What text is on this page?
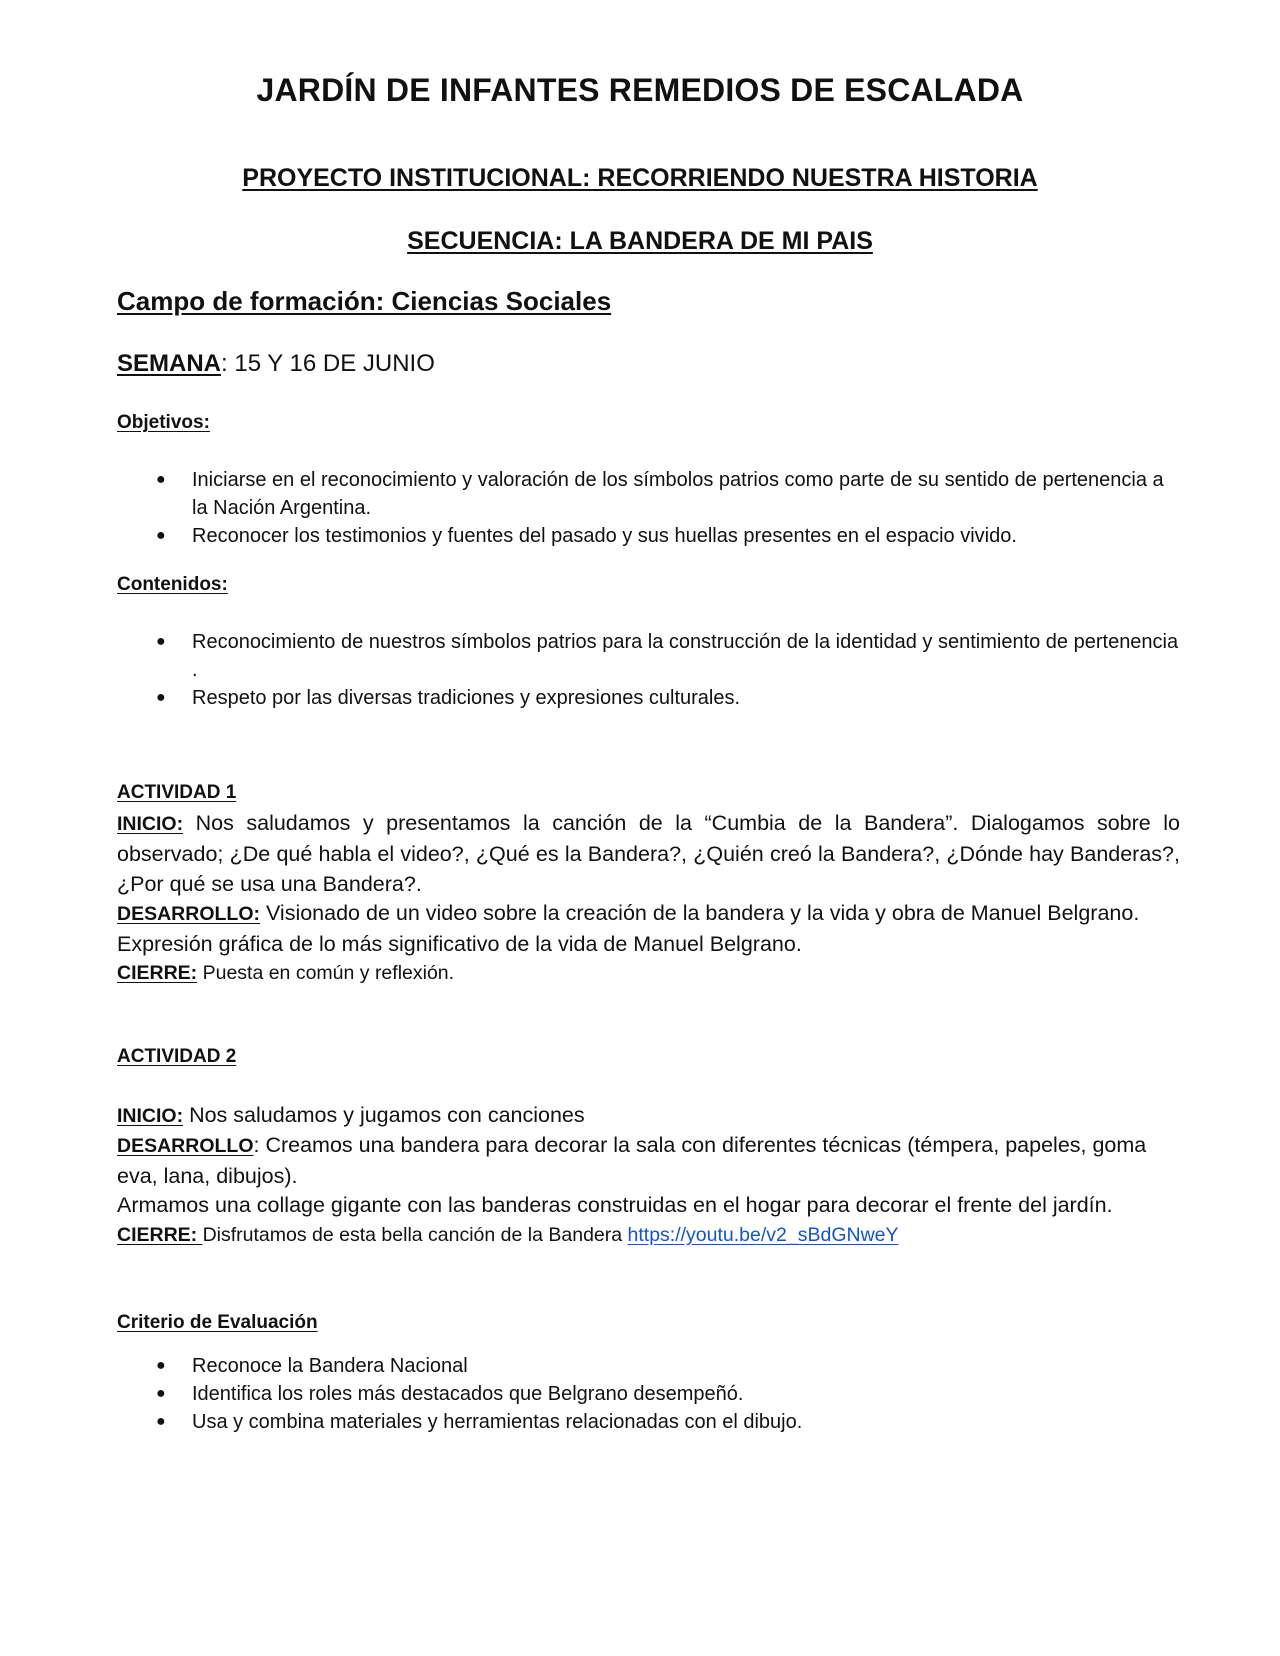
JARDÍN DE INFANTES REMEDIOS DE ESCALADA
PROYECTO INSTITUCIONAL: RECORRIENDO NUESTRA HISTORIA
SECUENCIA: LA BANDERA DE MI PAIS
Campo de formación: Ciencias Sociales
SEMANA: 15 Y 16 DE JUNIO
Objetivos:
● Iniciarse en el reconocimiento y valoración de los símbolos patrios como parte de su sentido de pertenencia a la Nación Argentina.
● Reconocer los testimonios y fuentes del pasado y sus huellas presentes en el espacio vivido.
Contenidos:
● Reconocimiento de nuestros símbolos patrios para la construcción de la identidad y sentimiento de pertenencia .
● Respeto por las diversas tradiciones y expresiones culturales.
ACTIVIDAD 1

INICIO: Nos saludamos y presentamos la canción de la “Cumbia de la Bandera”. Dialogamos sobre lo observado; ¿De qué habla el video?, ¿Qué es la Bandera?, ¿Quién creó la Bandera?, ¿Dónde hay Banderas?, ¿Por qué se usa una Bandera?.

DESARROLLO: Visionado de un video sobre la creación de la bandera y la vida y obra de Manuel Belgrano. Expresión gráfica de lo más significativo de la vida de Manuel Belgrano.

CIERRE: Puesta en común y reflexión.

ACTIVIDAD 2

INICIO: Nos saludamos y jugamos con canciones

DESARROLLO: Creamos una bandera para decorar la sala con diferentes técnicas (témpera, papeles, goma eva, lana, dibujos).

Armamos una collage gigante con las banderas construidas en el hogar para decorar el frente del jardín.

CIERRE: Disfrutamos de esta bella canción de la Bandera https://youtu.be/v2_sBdGNweY

Criterio de Evaluación
● Reconoce la Bandera Nacional
● Identifica los roles más destacados que Belgrano desempeñó.
● Usa y combina materiales y herramientas relacionadas con el dibujo.
